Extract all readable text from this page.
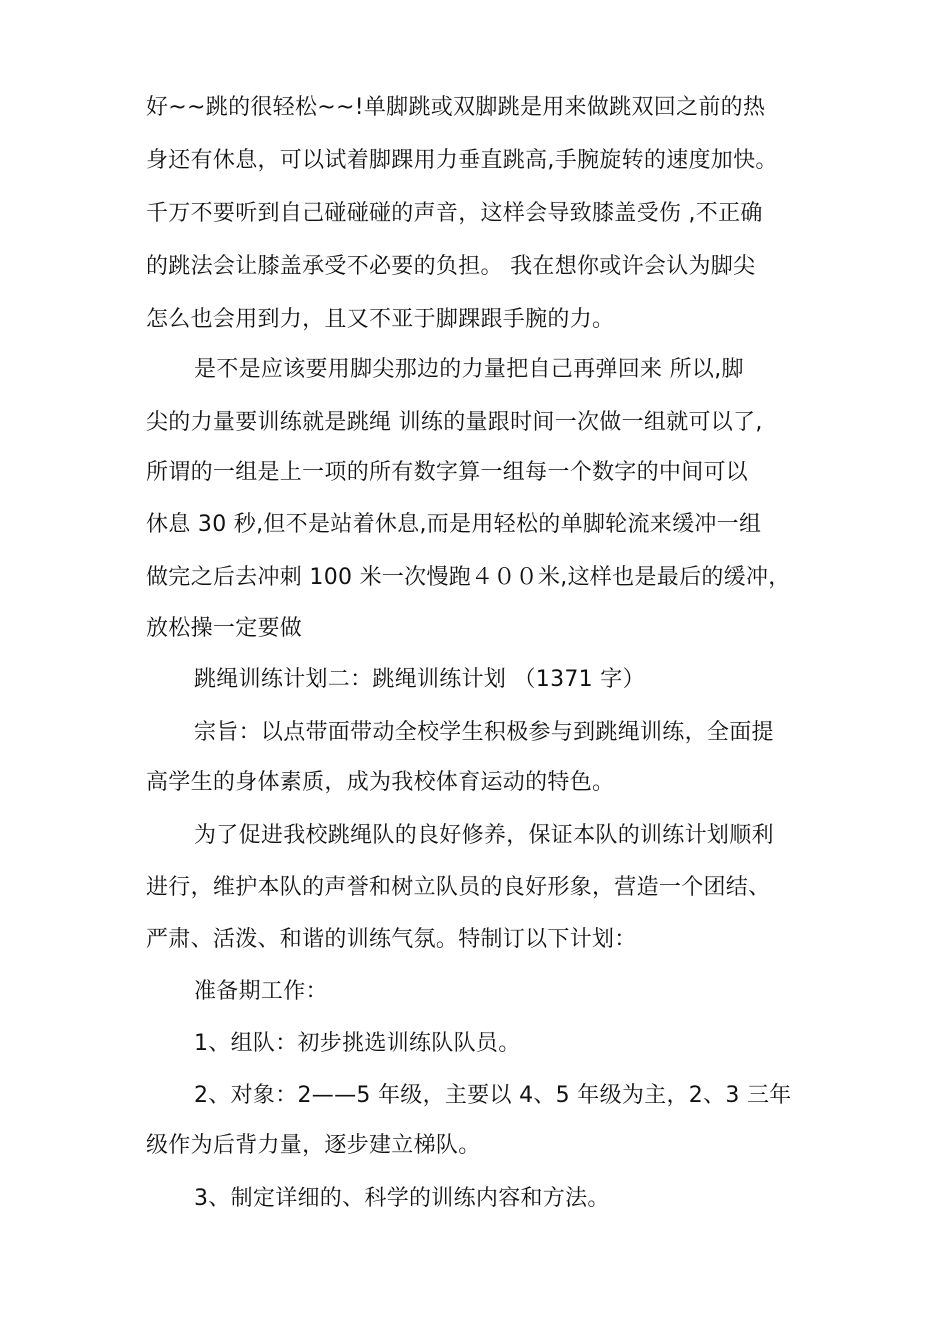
好~~跳的很轻松~~!单脚跳或双脚跳是用来做跳双回之前的热
身还有休息，可以试着脚踝用力垂直跳高,手腕旋转的速度加快。
千万不要听到自己碰碰碰的声音，这样会导致膝盖受伤 ,不正确
的跳法会让膝盖承受不必要的负担。 我在想你或许会认为脚尖
怎么也会用到力，且又不亚于脚踝跟手腕的力。
是不是应该要用脚尖那边的力量把自己再弹回来 所以,脚
尖的力量要训练就是跳绳 训练的量跟时间一次做一组就可以了,
所谓的一组是上一项的所有数字算一组每一个数字的中间可以
休息 30 秒,但不是站着休息,而是用轻松的单脚轮流来缓冲一组
做完之后去冲刺 100 米一次慢跑４００米,这样也是最后的缓冲，
放松操一定要做
跳绳训练计划二：跳绳训练计划 （1371 字）
宗旨：以点带面带动全校学生积极参与到跳绳训练，全面提
高学生的身体素质，成为我校体育运动的特色。
为了促进我校跳绳队的良好修养，保证本队的训练计划顺利
进行，维护本队的声誉和树立队员的良好形象，营造一个团结、
严肃、活泼、和谐的训练气氛。特制订以下计划：
准备期工作：
1、组队：初步挑选训练队队员。
2、对象：2——5 年级，主要以 4、5 年级为主，2、3 三年
级作为后背力量，逐步建立梯队。
3、制定详细的、科学的训练内容和方法。
